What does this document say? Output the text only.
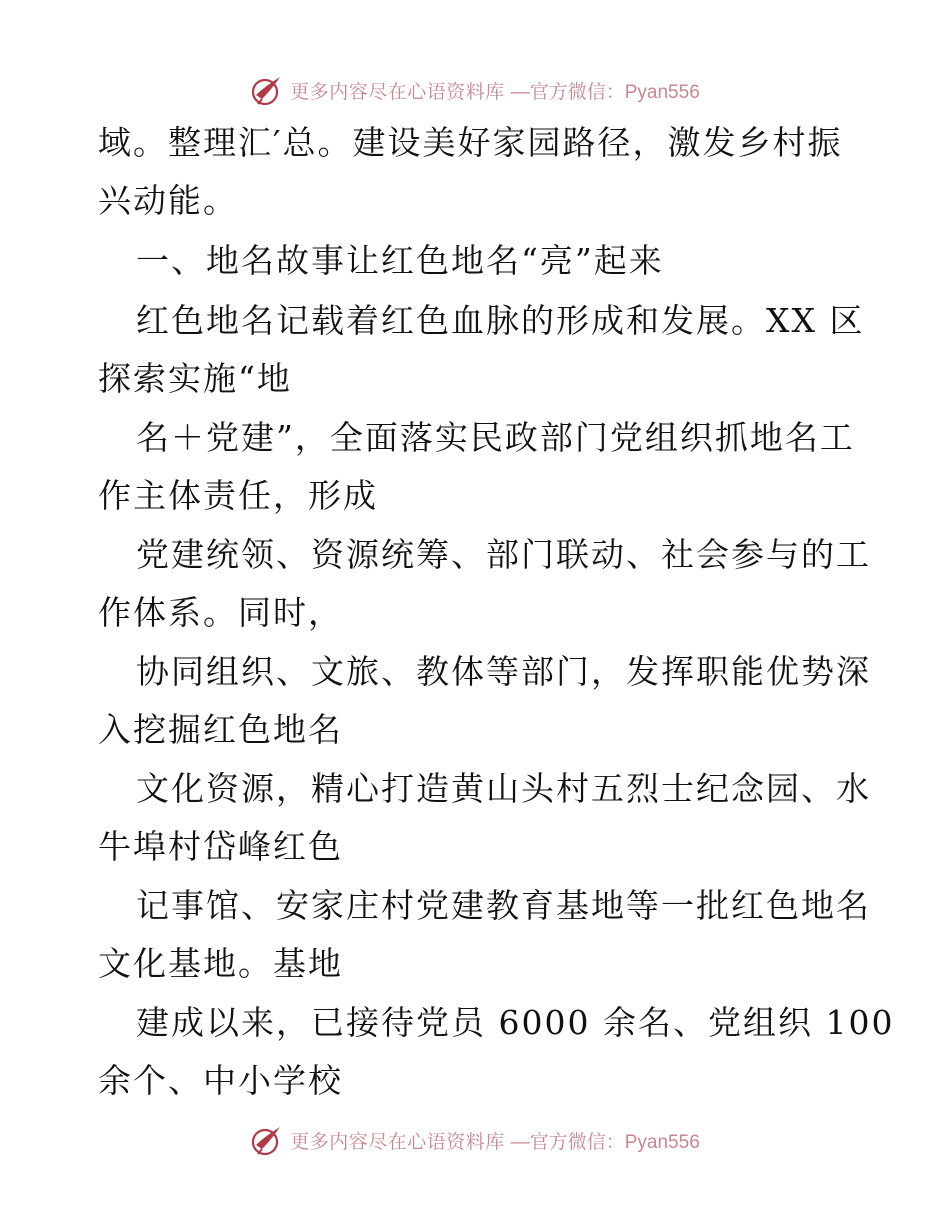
更多内容尽在心语资料库 —官方微信：Pyan556
域。整理汇′总。建设美好家园路径，激发乡村振
兴动能。
一、地名故事让红色地名“亮”起来
红色地名记载着红色血脉的形成和发展。XX 区
探索实施“地
名＋党建”，全面落实民政部门党组织抓地名工
作主体责任，形成
党建统领、资源统筹、部门联动、社会参与的工
作体系。同时，
协同组织、文旅、教体等部门，发挥职能优势深
入挖掘红色地名
文化资源，精心打造黄山头村五烈士纪念园、水
牛埠村岱峰红色
记事馆、安家庄村党建教育基地等一批红色地名
文化基地。基地
建成以来，已接待党员 6000 余名、党组织 100
余个、中小学校
更多内容尽在心语资料库 —官方微信：Pyan556
